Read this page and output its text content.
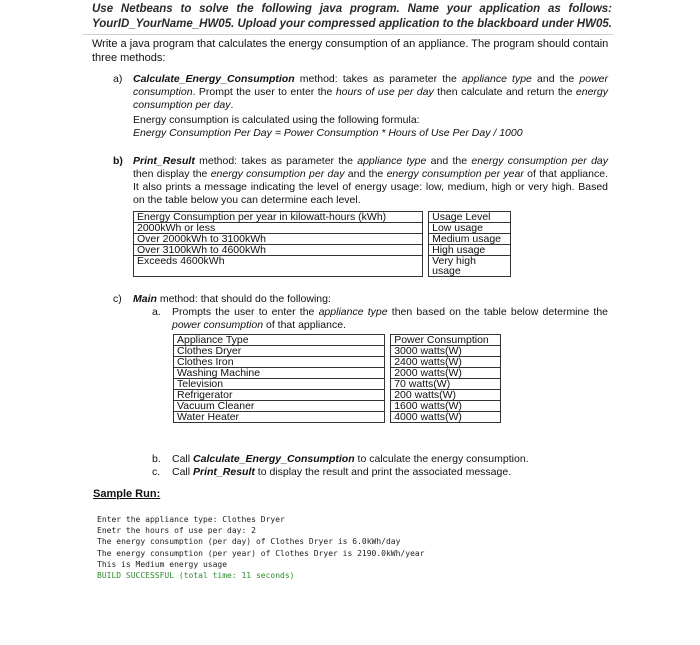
Use Netbeans to solve the following java program. Name your application as follows:
YourID_YourName_HW05. Upload your compressed application to the blackboard under HW05.
Write a java program that calculates the energy consumption of an appliance. The program should contain three methods:
a) Calculate_Energy_Consumption method: takes as parameter the appliance type and the power consumption. Prompt the user to enter the hours of use per day then calculate and return the energy consumption per day.
Energy consumption is calculated using the following formula:
Energy Consumption Per Day = Power Consumption * Hours of Use Per Day / 1000
b) Print_Result method: takes as parameter the appliance type and the energy consumption per day then display the energy consumption per day and the energy consumption per year of that appliance. It also prints a message indicating the level of energy usage: low, medium, high or very high. Based on the table below you can determine each level.
Energy Consumption per year in kilowatt-hours (kWh)		Usage Level
2000kWh or less		Low usage
Over 2000kWh to 3100kWh		Medium usage
Over 3100kWh to 4600kWh		High usage
Exceeds 4600kWh		Very high usage
c) Main method: that should do the following:
a. Prompts the user to enter the appliance type then based on the table below determine the power consumption of that appliance.
Appliance Type		Power Consumption
Clothes Dryer		3000 watts(W)
Clothes Iron		2400 watts(W)
Washing Machine		2000 watts(W)
Television		70 watts(W)
Refrigerator		200 watts(W)
Vacuum Cleaner		1600 watts(W)
Water Heater		4000 watts(W)
b. Call Calculate_Energy_Consumption to calculate the energy consumption.
c. Call Print_Result to display the result and print the associated message.
Sample Run:
Enter the appliance type: Clothes Dryer
Enetr the hours of use per day: 2
The energy consumption (per day) of Clothes Dryer is 6.0kWh/day
The energy consumption (per year) of Clothes Dryer is 2190.0kWh/year
This is Medium energy usage
BUILD SUCCESSFUL (total time: 11 seconds)
